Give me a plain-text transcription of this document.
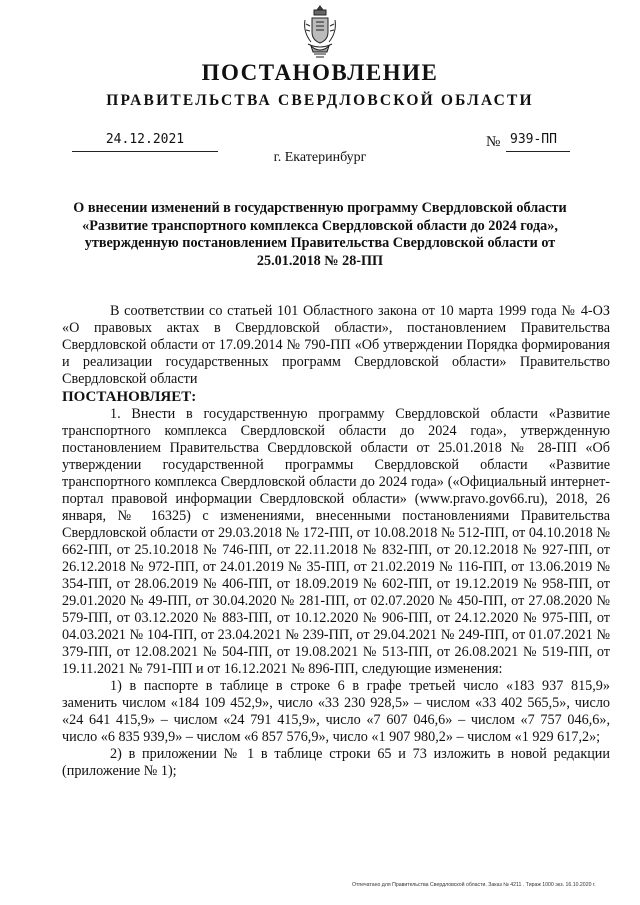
ПОСТАНОВЛЕНИЕ
ПРАВИТЕЛЬСТВА СВЕРДЛОВСКОЙ ОБЛАСТИ
24.12.2021	№ 939-ПП
г. Екатеринбург
О внесении изменений в государственную программу Свердловской области «Развитие транспортного комплекса Свердловской области до 2024 года», утвержденную постановлением Правительства Свердловской области от 25.01.2018 № 28-ПП

В соответствии со статьей 101 Областного закона от 10 марта 1999 года № 4-ОЗ «О правовых актах в Свердловской области», постановлением Правительства Свердловской области от 17.09.2014 № 790-ПП «Об утверждении Порядка формирования и реализации государственных программ Свердловской области» Правительство Свердловской области

ПОСТАНОВЛЯЕТ:

1. Внести в государственную программу Свердловской области «Развитие транспортного комплекса Свердловской области до 2024 года», утвержденную постановлением Правительства Свердловской области от 25.01.2018 № 28-ПП «Об утверждении государственной программы Свердловской области «Развитие транспортного комплекса Свердловской области до 2024 года» («Официальный интернет-портал правовой информации Свердловской области» (www.pravo.gov66.ru), 2018, 26 января, № 16325) с изменениями, внесенными постановлениями Правительства Свердловской области от 29.03.2018 № 172-ПП, от 10.08.2018 № 512-ПП, от 04.10.2018 № 662-ПП, от 25.10.2018 № 746-ПП, от 22.11.2018 № 832-ПП, от 20.12.2018 № 927-ПП, от 26.12.2018 № 972-ПП, от 24.01.2019 № 35-ПП, от 21.02.2019 № 116-ПП, от 13.06.2019 № 354-ПП, от 28.06.2019 № 406-ПП, от 18.09.2019 № 602-ПП, от 19.12.2019 № 958-ПП, от 29.01.2020 № 49-ПП, от 30.04.2020 № 281-ПП, от 02.07.2020 № 450-ПП, от 27.08.2020 № 579-ПП, от 03.12.2020 № 883-ПП, от 10.12.2020 № 906-ПП, от 24.12.2020 № 975-ПП, от 04.03.2021 № 104-ПП, от 23.04.2021 № 239-ПП, от 29.04.2021 № 249-ПП, от 01.07.2021 № 379-ПП, от 12.08.2021 № 504-ПП, от 19.08.2021 № 513-ПП, от 26.08.2021 № 519-ПП, от 19.11.2021 № 791-ПП и от 16.12.2021 № 896-ПП, следующие изменения:

1) в паспорте в таблице в строке 6 в графе третьей число «183 937 815,9» заменить числом «184 109 452,9», число «33 230 928,5» – числом «33 402 565,5», число «24 641 415,9» – числом «24 791 415,9», число «7 607 046,6» – числом «7 757 046,6», число «6 835 939,9» – числом «6 857 576,9», число «1 907 980,2» – числом «1 929 617,2»;

2) в приложении № 1 в таблице строки 65 и 73 изложить в новой редакции (приложение № 1);

Отпечатано для Правительства Свердловской области. Заказ № 4211 . Тираж 1000 экз. 16.10.2020 г.
